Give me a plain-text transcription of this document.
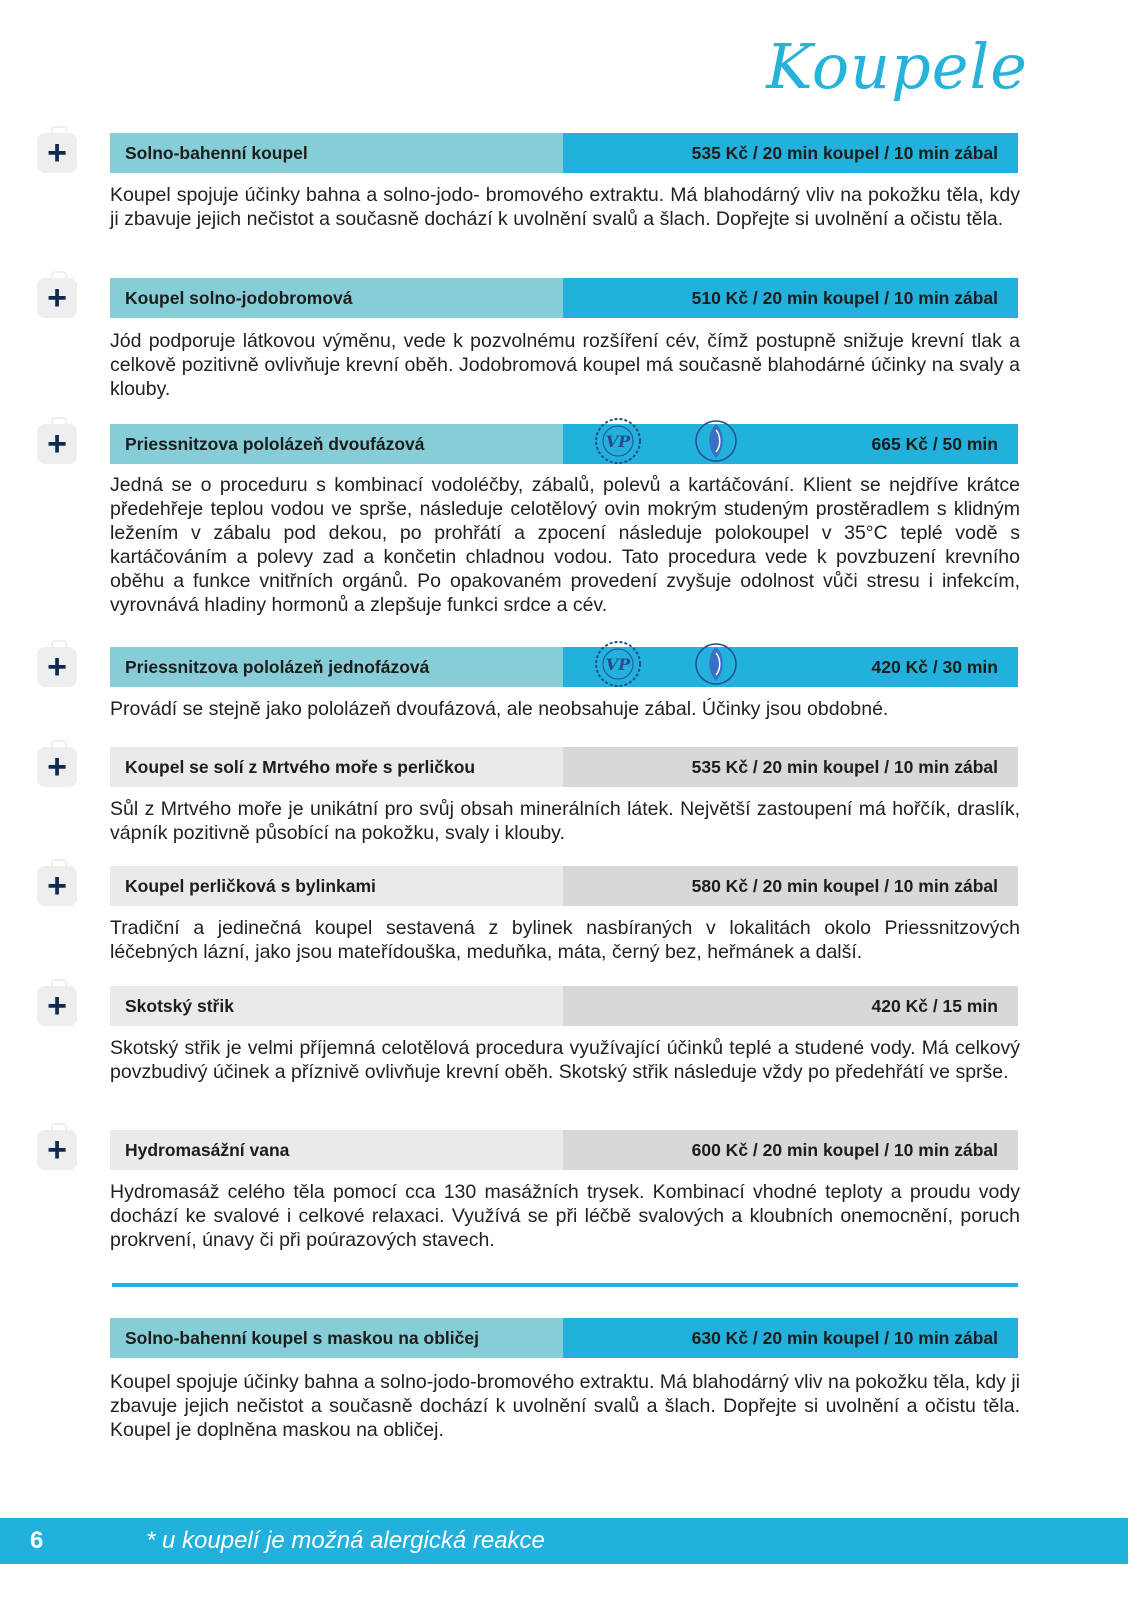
Koupele
+	Solno-bahenní koupel	535 Kč / 20 min koupel / 10 min zábal
Koupel spojuje účinky bahna a solno-jodo- bromového extraktu. Má blahodárný vliv na pokožku těla, kdy ji zbavuje jejich nečistot a současně dochází k uvolnění svalů a šlach. Dopřejte si uvolnění a očistu těla.
+	Koupel solno-jodobromová	510 Kč / 20 min koupel / 10 min zábal
Jód podporuje látkovou výměnu, vede k pozvolnému rozšíření cév, čímž postupně snižuje krevní tlak a celkově pozitivně ovlivňuje krevní oběh. Jodobromová koupel má současně blahodárné účinky na svaly a klouby.
+	Priessnitzova pololázeň dvoufázová	665 Kč / 50 min
VP
Jedná se o proceduru s kombinací vodoléčby, zábalů, polevů a kartáčování. Klient se nejdříve krátce předehřeje teplou vodou ve sprše, následuje celotělový ovin mokrým studeným prostěradlem s klidným ležením v zábalu pod dekou, po prohřátí a zpocení následuje polokoupel v 35°C teplé vodě s kartáčováním a polevy zad a končetin chladnou vodou. Tato procedura vede k povzbuzení krevního oběhu a funkce vnitřních orgánů. Po opakovaném provedení zvyšuje odolnost vůči stresu i infekcím, vyrovnává hladiny hormonů a zlepšuje funkci srdce a cév.
+	Priessnitzova pololázeň jednofázová	420 Kč / 30 min
VP
Provádí se stejně jako pololázeň dvoufázová, ale neobsahuje zábal. Účinky jsou obdobné.
+	Koupel se solí z Mrtvého moře s perličkou	535 Kč / 20 min koupel / 10 min zábal
Sůl z Mrtvého moře je unikátní pro svůj obsah minerálních látek. Největší zastoupení má hořčík, draslík, vápník pozitivně působící na pokožku, svaly i klouby.
+	Koupel perličková s bylinkami	580 Kč / 20 min koupel / 10 min zábal
Tradiční a jedinečná koupel sestavená z bylinek nasbíraných v lokalitách okolo Priessnitzových léčebných lázní, jako jsou mateřídouška, meduňka, máta, černý bez, heřmánek a další.
+	Skotský střik	420 Kč / 15 min
Skotský střik je velmi příjemná celotělová procedura využívající účinků teplé a studené vody. Má celkový povzbudivý účinek a příznivě ovlivňuje krevní oběh. Skotský střik následuje vždy po předehřátí ve sprše.
+	Hydromasážní vana	600 Kč / 20 min koupel / 10 min zábal
Hydromasáž celého těla pomocí cca 130 masážních trysek. Kombinací vhodné teploty a proudu vody dochází ke svalové i celkové relaxaci. Využívá se při léčbě svalových a kloubních onemocnění, poruch prokrvení, únavy či při poúrazových stavech.
Solno-bahenní koupel s maskou na obličej	630 Kč / 20 min koupel / 10 min zábal
Koupel spojuje účinky bahna a solno-jodo-bromového extraktu. Má blahodárný vliv na pokožku těla, kdy ji zbavuje jejich nečistot a současně dochází k uvolnění svalů a šlach. Dopřejte si uvolnění a očistu těla. Koupel je doplněna maskou na obličej.
6	* u koupelí je možná alergická reakce
